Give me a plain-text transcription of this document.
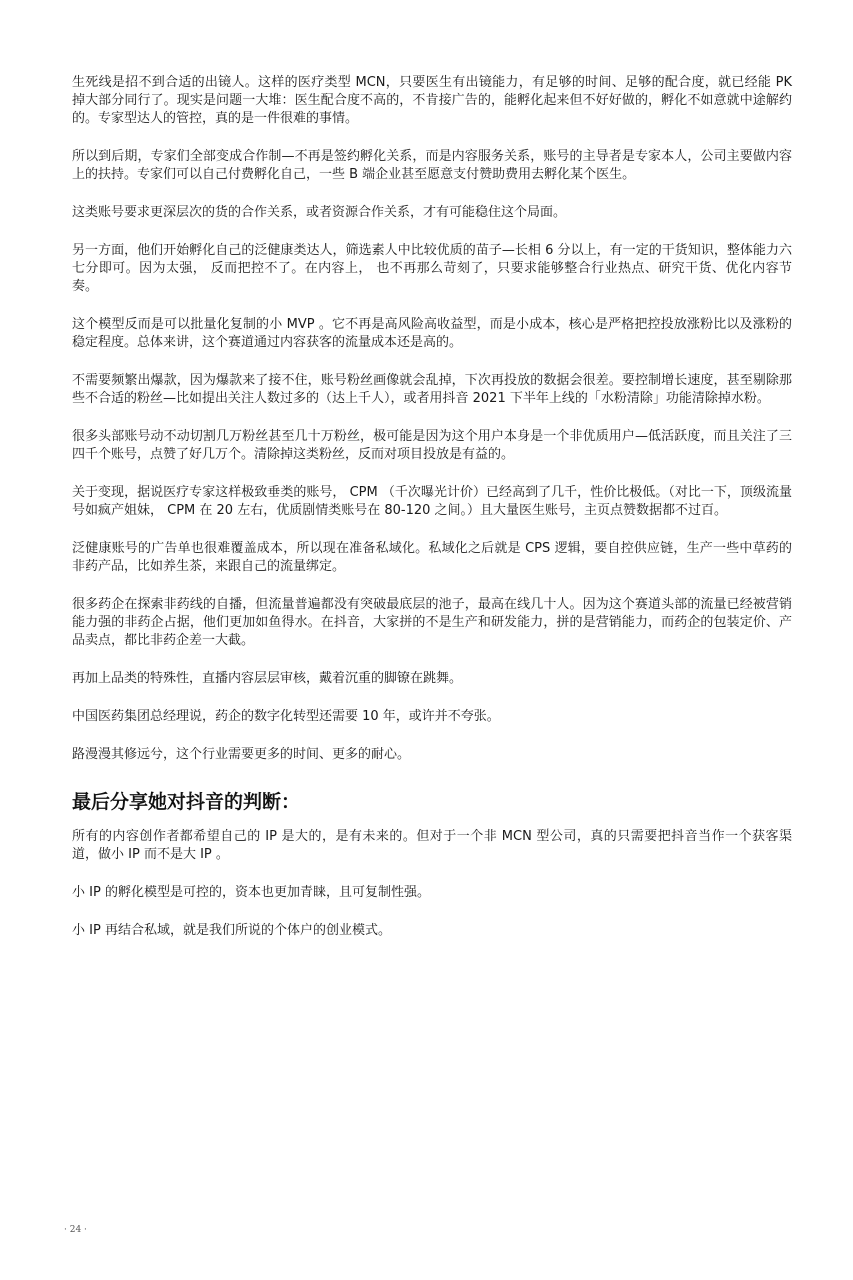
生死线是招不到合适的出镜人。这样的医疗类型 MCN，只要医生有出镜能力，有足够的时间、足够的配合度，就已经能 PK 掉大部分同行了。现实是问题一大堆：医生配合度不高的，不肯接广告的，能孵化起来但不好好做的，孵化不如意就中途解约的。专家型达人的管控，真的是一件很难的事情。

所以到后期，专家们全部变成合作制—不再是签约孵化关系，而是内容服务关系，账号的主导者是专家本人，公司主要做内容上的扶持。专家们可以自己付费孵化自己，一些 B 端企业甚至愿意支付赞助费用去孵化某个医生。

这类账号要求更深层次的货的合作关系，或者资源合作关系，才有可能稳住这个局面。

另一方面，他们开始孵化自己的泛健康类达人，筛选素人中比较优质的苗子—长相 6 分以上，有一定的干货知识，整体能力六七分即可。因为太强， 反而把控不了。在内容上， 也不再那么苛刻了，只要求能够整合行业热点、研究干货、优化内容节奏。

这个模型反而是可以批量化复制的小 MVP 。它不再是高风险高收益型，而是小成本，核心是严格把控投放涨粉比以及涨粉的稳定程度。总体来讲，这个赛道通过内容获客的流量成本还是高的。

不需要频繁出爆款，因为爆款来了接不住，账号粉丝画像就会乱掉，下次再投放的数据会很差。要控制增长速度，甚至剔除那些不合适的粉丝—比如提出关注人数过多的（达上千人），或者用抖音 2021 下半年上线的「水粉清除」功能清除掉水粉。

很多头部账号动不动切割几万粉丝甚至几十万粉丝，极可能是因为这个用户本身是一个非优质用户—低活跃度，而且关注了三四千个账号，点赞了好几万个。清除掉这类粉丝，反而对项目投放是有益的。

关于变现，据说医疗专家这样极致垂类的账号， CPM （千次曝光计价）已经高到了几千，性价比极低。（对比一下，顶级流量号如疯产姐妹， CPM 在 20 左右，优质剧情类账号在 80-120 之间。）且大量医生账号，主页点赞数据都不过百。

泛健康账号的广告单也很难覆盖成本，所以现在准备私域化。私域化之后就是 CPS 逻辑，要自控供应链，生产一些中草药的非药产品，比如养生茶，来跟自己的流量绑定。

很多药企在探索非药线的自播，但流量普遍都没有突破最底层的池子，最高在线几十人。因为这个赛道头部的流量已经被营销能力强的非药企占据，他们更加如鱼得水。在抖音，大家拼的不是生产和研发能力，拼的是营销能力，而药企的包装定价、产品卖点，都比非药企差一大截。

再加上品类的特殊性，直播内容层层审核，戴着沉重的脚镣在跳舞。

中国医药集团总经理说，药企的数字化转型还需要 10 年，或许并不夸张。

路漫漫其修远兮，这个行业需要更多的时间、更多的耐心。

最后分享她对抖音的判断：

所有的内容创作者都希望自己的 IP 是大的，是有未来的。但对于一个非 MCN 型公司，真的只需要把抖音当作一个获客渠道，做小 IP 而不是大 IP 。

小 IP 的孵化模型是可控的，资本也更加青睐，且可复制性强。

小 IP 再结合私域，就是我们所说的个体户的创业模式。

· 24 ·
